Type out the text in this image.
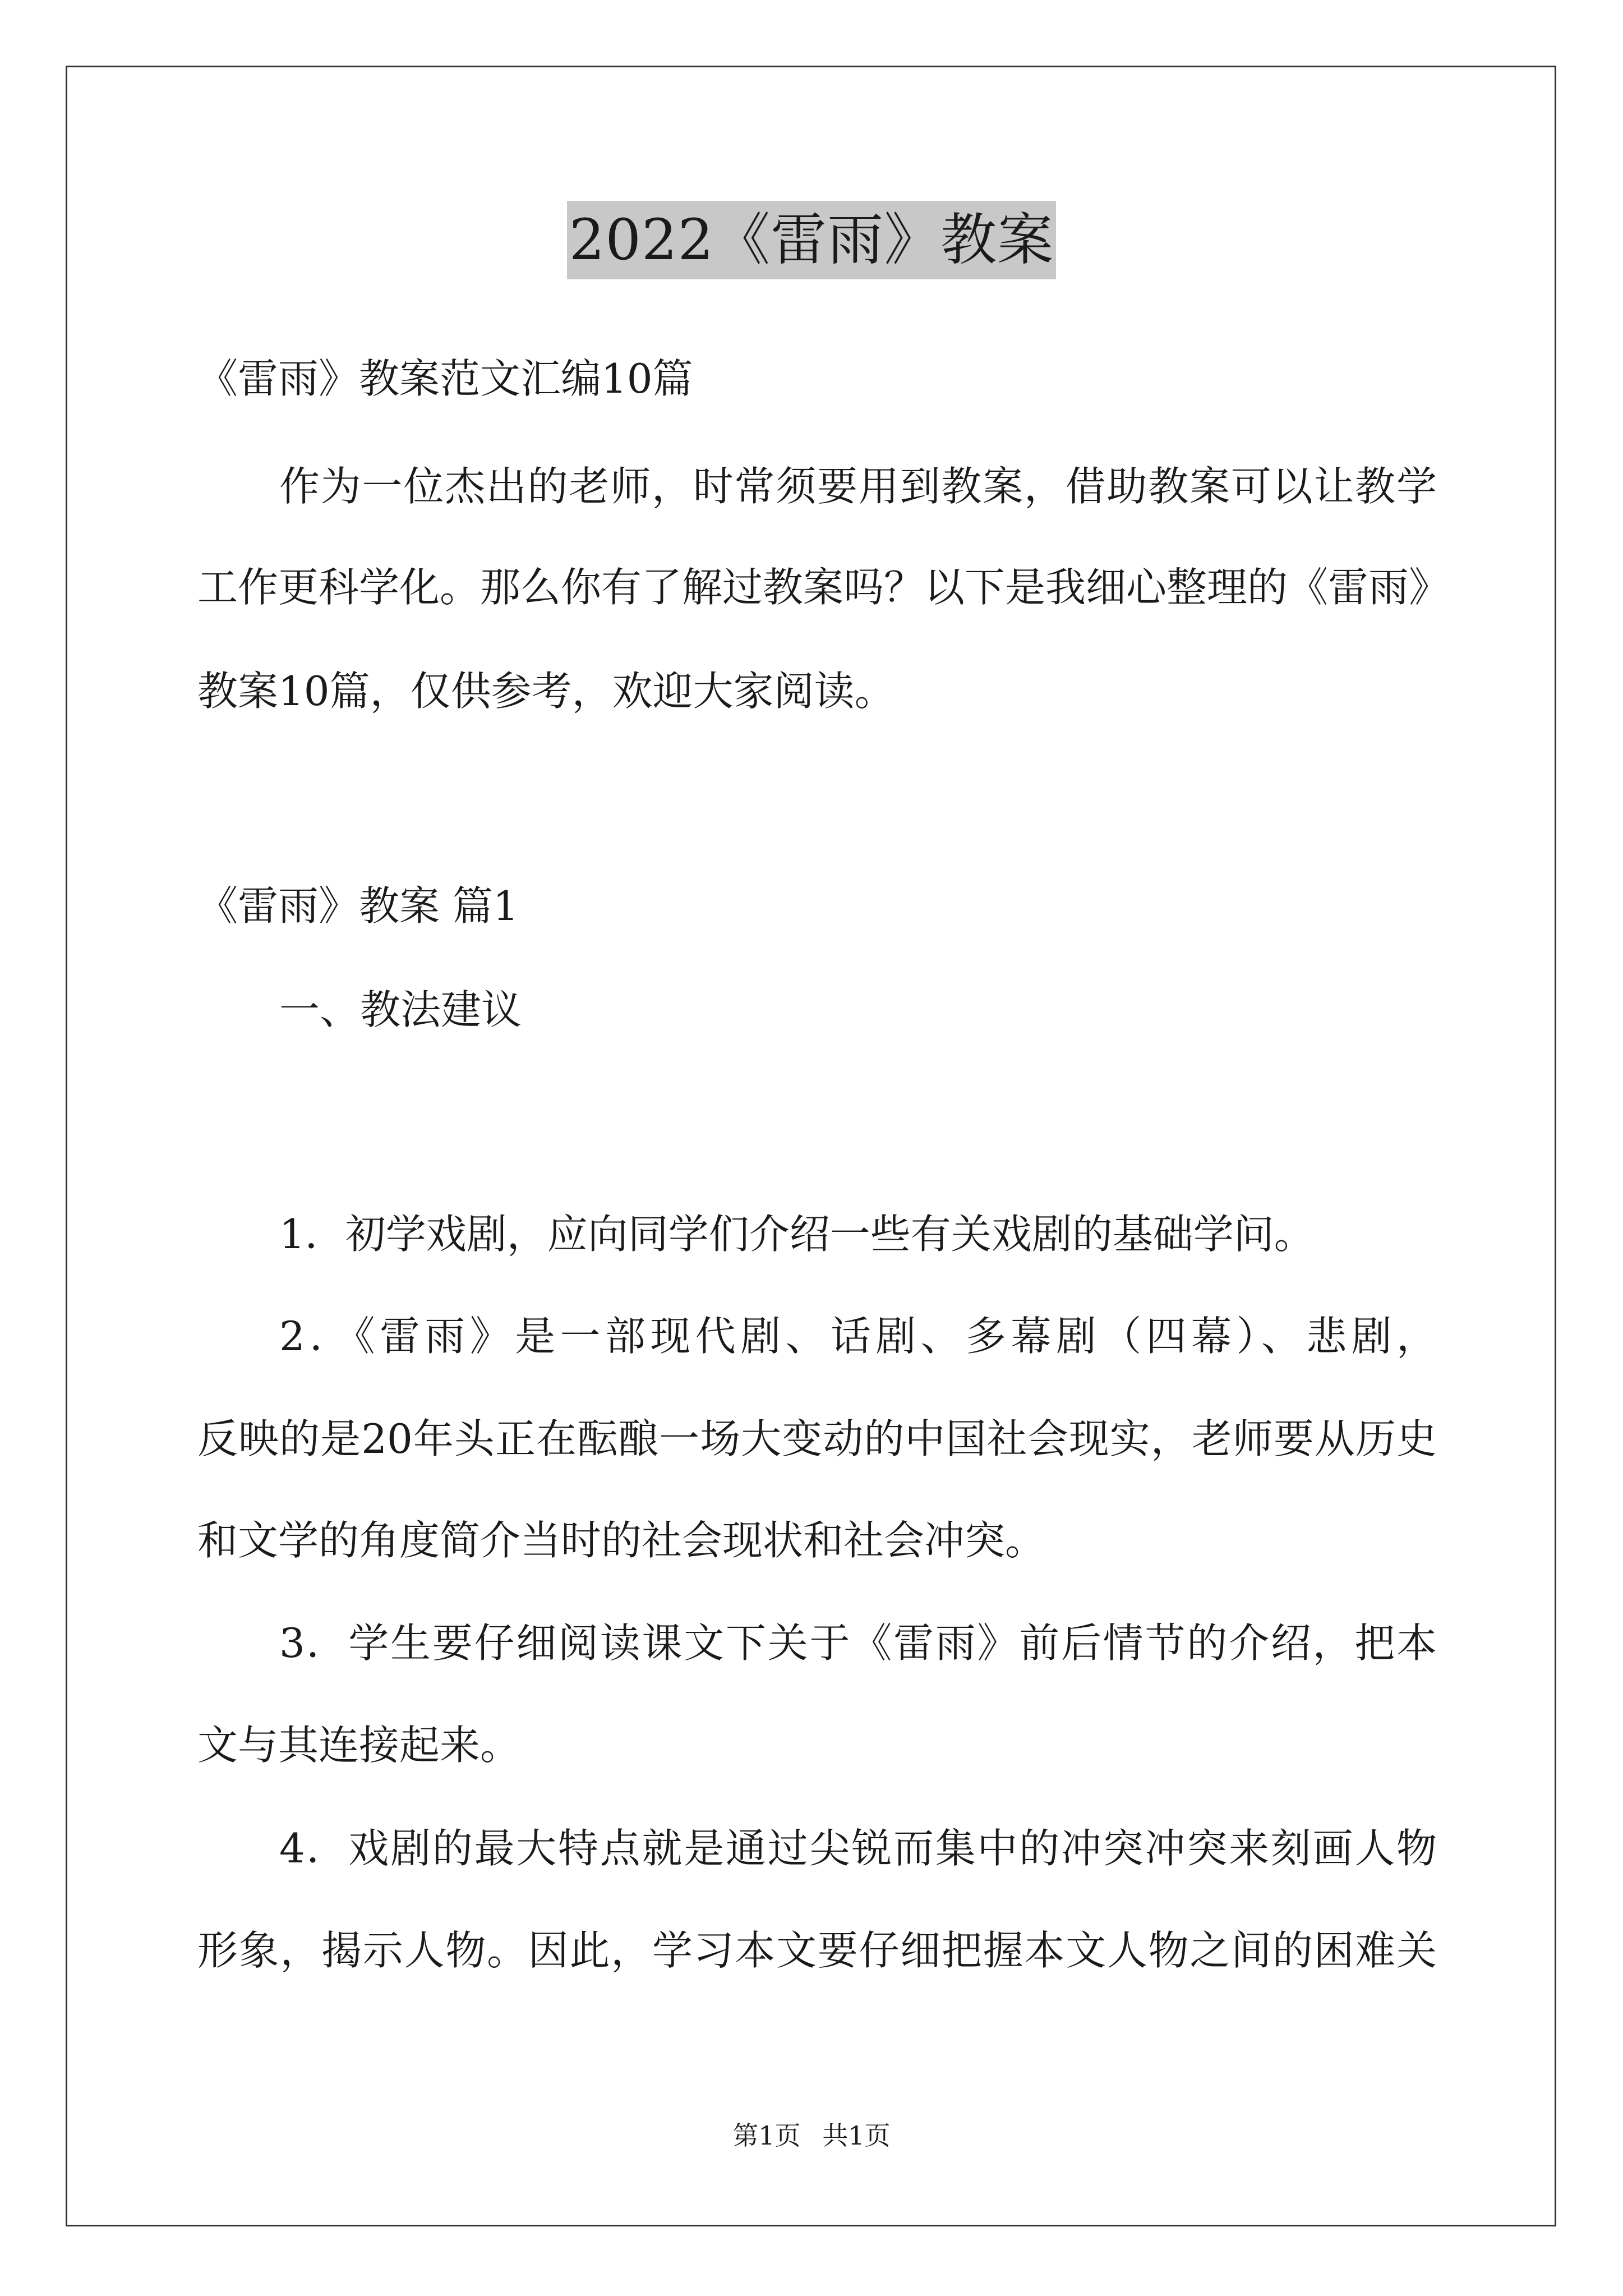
2022《雷雨》教案
《雷雨》教案范文汇编10篇
作为一位杰出的老师，时常须要用到教案，借助教案可以让教学
工作更科学化。那么你有了解过教案吗？以下是我细心整理的《雷雨》
教案10篇，仅供参考，欢迎大家阅读。
《雷雨》教案 篇1
一、教法建议
1．初学戏剧，应向同学们介绍一些有关戏剧的基础学问。
2．《雷雨》是一部现代剧、话剧、多幕剧（四幕）、悲剧，
反映的是20年头正在酝酿一场大变动的中国社会现实，老师要从历史
和文学的角度简介当时的社会现状和社会冲突。
3．学生要仔细阅读课文下关于《雷雨》前后情节的介绍，把本
文与其连接起来。
4．戏剧的最大特点就是通过尖锐而集中的冲突冲突来刻画人物
形象，揭示人物。因此，学习本文要仔细把握本文人物之间的困难关
第1页 共1页
